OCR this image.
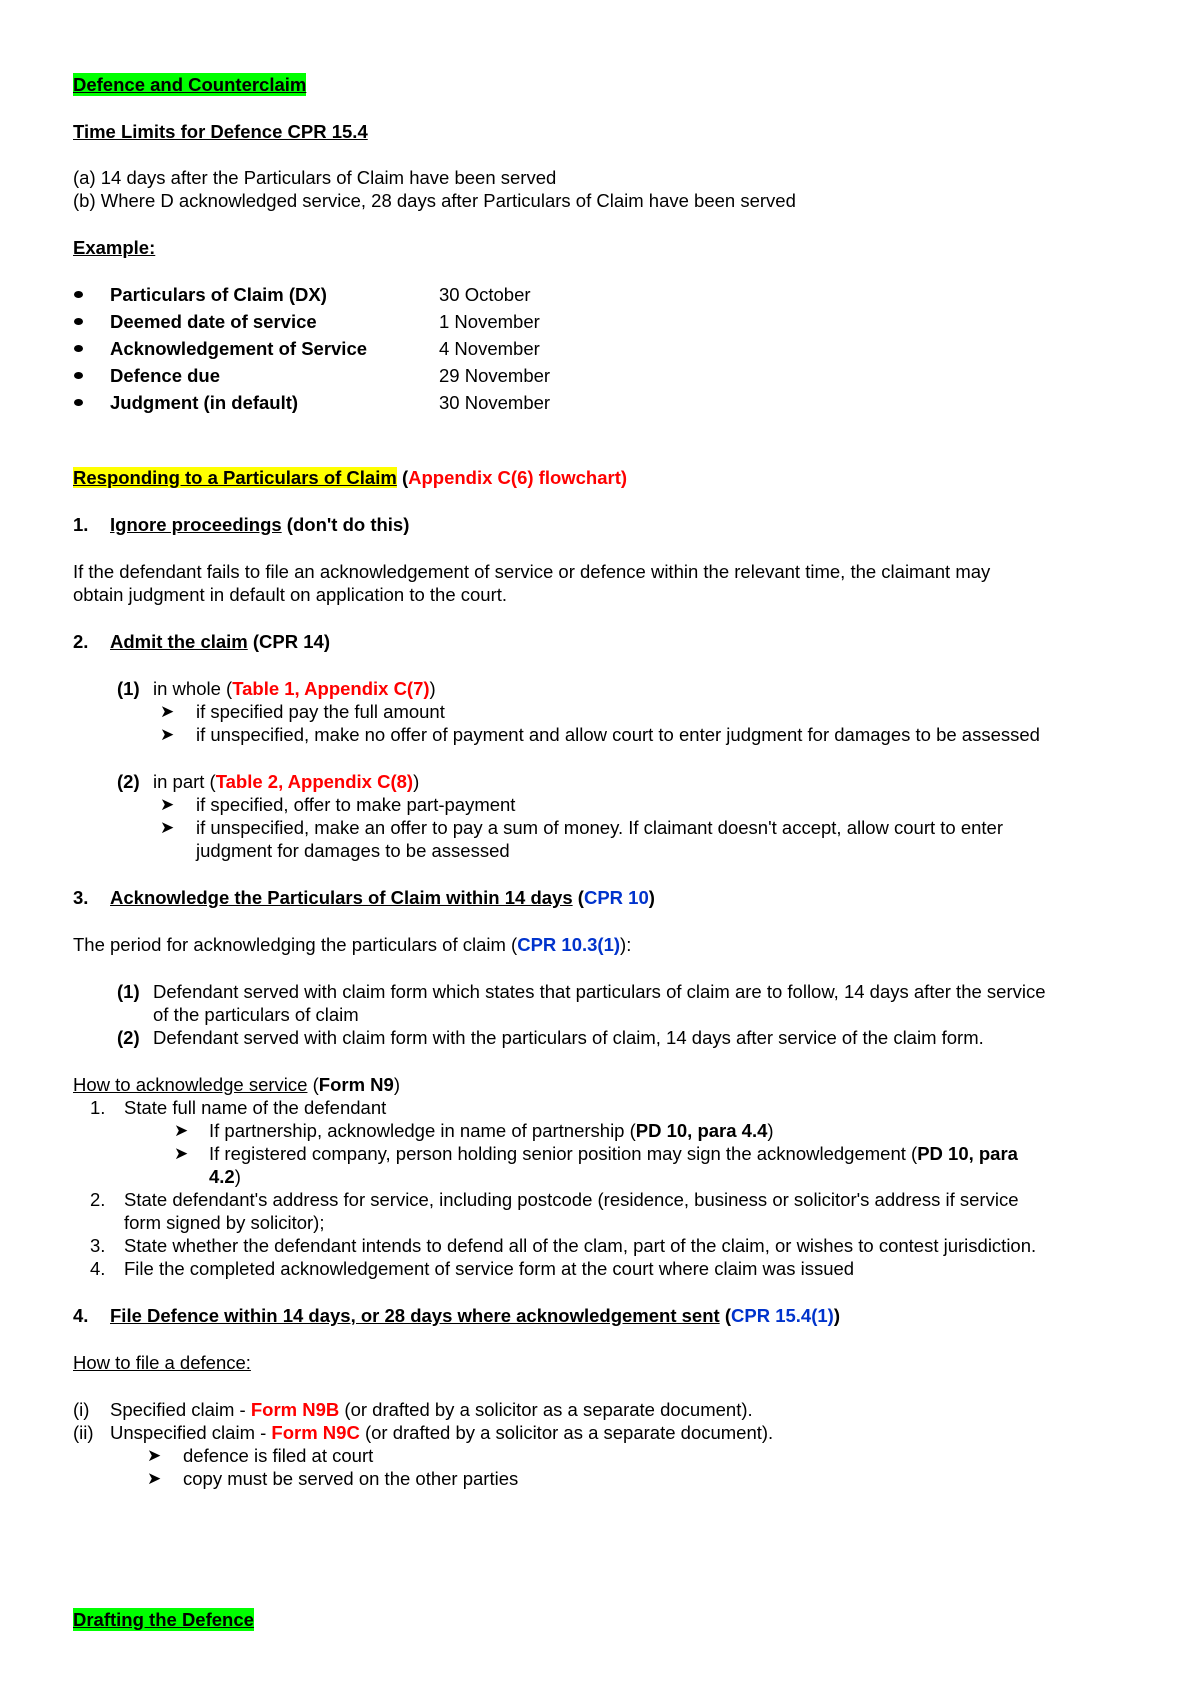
Defence and Counterclaim
Time Limits for Defence CPR 15.4
(a) 14 days after the Particulars of Claim have been served
(b) Where D acknowledged service, 28 days after Particulars of Claim have been served
Example:
Particulars of Claim (DX)	30 October
Deemed date of service	1 November
Acknowledgement of Service	4 November
Defence due	29 November
Judgment (in default)	30 November
Responding to a Particulars of Claim (Appendix C(6) flowchart)
1. Ignore proceedings (don't do this)
If the defendant fails to file an acknowledgement of service or defence within the relevant time, the claimant may
obtain judgment in default on application to the court.
2. Admit the claim (CPR 14)
(1) in whole (Table 1, Appendix C(7))
➤ if specified pay the full amount
➤ if unspecified, make no offer of payment and allow court to enter judgment for damages to be assessed
(2) in part (Table 2, Appendix C(8))
➤ if specified, offer to make part-payment
➤ if unspecified, make an offer to pay a sum of money. If claimant doesn't accept, allow court to enter
judgment for damages to be assessed
3. Acknowledge the Particulars of Claim within 14 days (CPR 10)
The period for acknowledging the particulars of claim (CPR 10.3(1)):
(1) Defendant served with claim form which states that particulars of claim are to follow, 14 days after the service
of the particulars of claim
(2) Defendant served with claim form with the particulars of claim, 14 days after service of the claim form.
How to acknowledge service (Form N9)
1. State full name of the defendant
➤ If partnership, acknowledge in name of partnership (PD 10, para 4.4)
➤ If registered company, person holding senior position may sign the acknowledgement (PD 10, para
4.2)
2. State defendant's address for service, including postcode (residence, business or solicitor's address if service
form signed by solicitor);
3. State whether the defendant intends to defend all of the clam, part of the claim, or wishes to contest jurisdiction.
4. File the completed acknowledgement of service form at the court where claim was issued
4. File Defence within 14 days, or 28 days where acknowledgement sent (CPR 15.4(1))
How to file a defence:
(i) Specified claim - Form N9B (or drafted by a solicitor as a separate document).
(ii) Unspecified claim - Form N9C (or drafted by a solicitor as a separate document).
➤ defence is filed at court
➤ copy must be served on the other parties
Drafting the Defence
